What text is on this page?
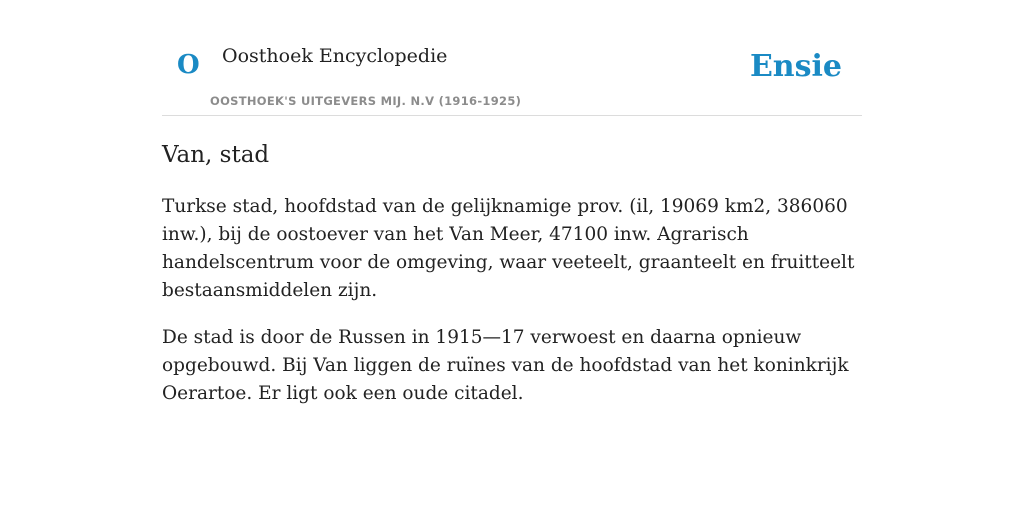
O Oosthoek Encyclopedie
OOSTHOEK'S UITGEVERS MIJ. N.V (1916-1925)
Ensie
Van, stad

Turkse stad, hoofdstad van de gelijknamige prov. (il, 19069 km2, 386060 inw.), bij de oostoever van het Van Meer, 47100 inw. Agrarisch handelscentrum voor de omgeving, waar veeteelt, graanteelt en fruitteelt bestaansmiddelen zijn.

De stad is door de Russen in 1915—17 verwoest en daarna opnieuw opgebouwd. Bij Van liggen de ruïnes van de hoofdstad van het koninkrijk Oerartoe. Er ligt ook een oude citadel.
